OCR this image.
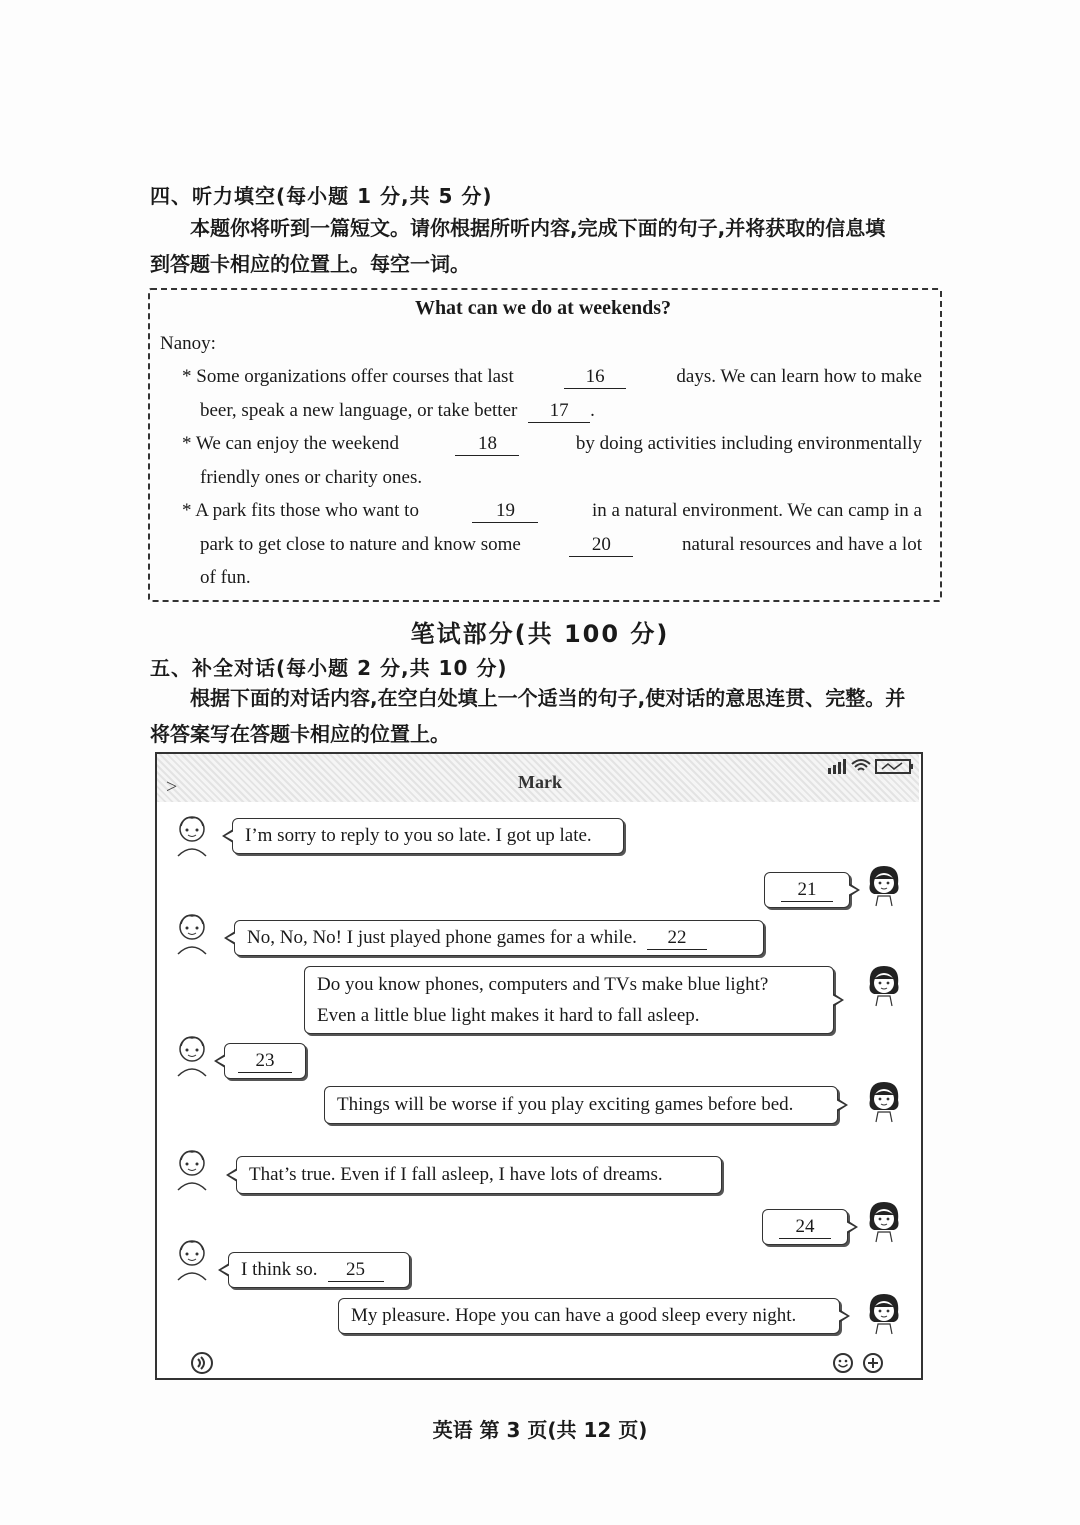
四、听力填空(每小题 1 分,共 5 分)
本题你将听到一篇短文。请你根据所听内容,完成下面的句子,并将获取的信息填
到答题卡相应的位置上。每空一词。
What can we do at weekends?
Nanoy:
* Some organizations offer courses that last	16	days. We can learn how to make
beer, speak a new language, or take better 17 .
* We can enjoy the weekend	18	by doing activities including environmentally
friendly ones or charity ones.
* A park fits those who want to	19	in a natural environment. We can camp in a
park to get close to nature and know some	20	natural resources and have a lot
of fun.
笔试部分(共 100 分)
五、补全对话(每小题 2 分,共 10 分)
根据下面的对话内容,在空白处填上一个适当的句子,使对话的意思连贯、完整。并
将答案写在答题卡相应的位置上。
>	Mark
I’m sorry to reply to you so late. I got up late.
21
No, No, No! I just played phone games for a while.	22
Do you know phones, computers and TVs make blue light?
Even a little blue light makes it hard to fall asleep.
23
Things will be worse if you play exciting games before bed.
That’s true. Even if I fall asleep, I have lots of dreams.
24
I think so.	25
My pleasure. Hope you can have a good sleep every night.
英语 第 3 页(共 12 页)
